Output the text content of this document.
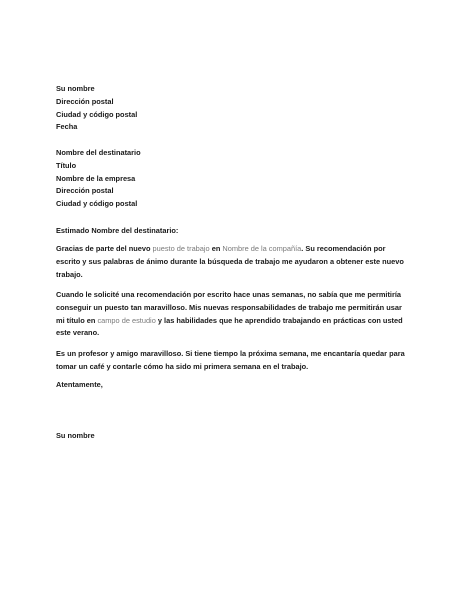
Su nombre
Dirección postal
Ciudad y código postal
Fecha
Nombre del destinatario
Título
Nombre de la empresa
Dirección postal
Ciudad y código postal
Estimado Nombre del destinatario:
Gracias de parte del nuevo puesto de trabajo en Nombre de la compañía. Su recomendación por escrito y sus palabras de ánimo durante la búsqueda de trabajo me ayudaron a obtener este nuevo trabajo.
Cuando le solicité una recomendación por escrito hace unas semanas, no sabía que me permitiría conseguir un puesto tan maravilloso. Mis nuevas responsabilidades de trabajo me permitirán usar mi título en campo de estudio y las habilidades que he aprendido trabajando en prácticas con usted este verano.
Es un profesor y amigo maravilloso. Si tiene tiempo la próxima semana, me encantaría quedar para tomar un café y contarle cómo ha sido mi primera semana en el trabajo.
Atentamente,
Su nombre
